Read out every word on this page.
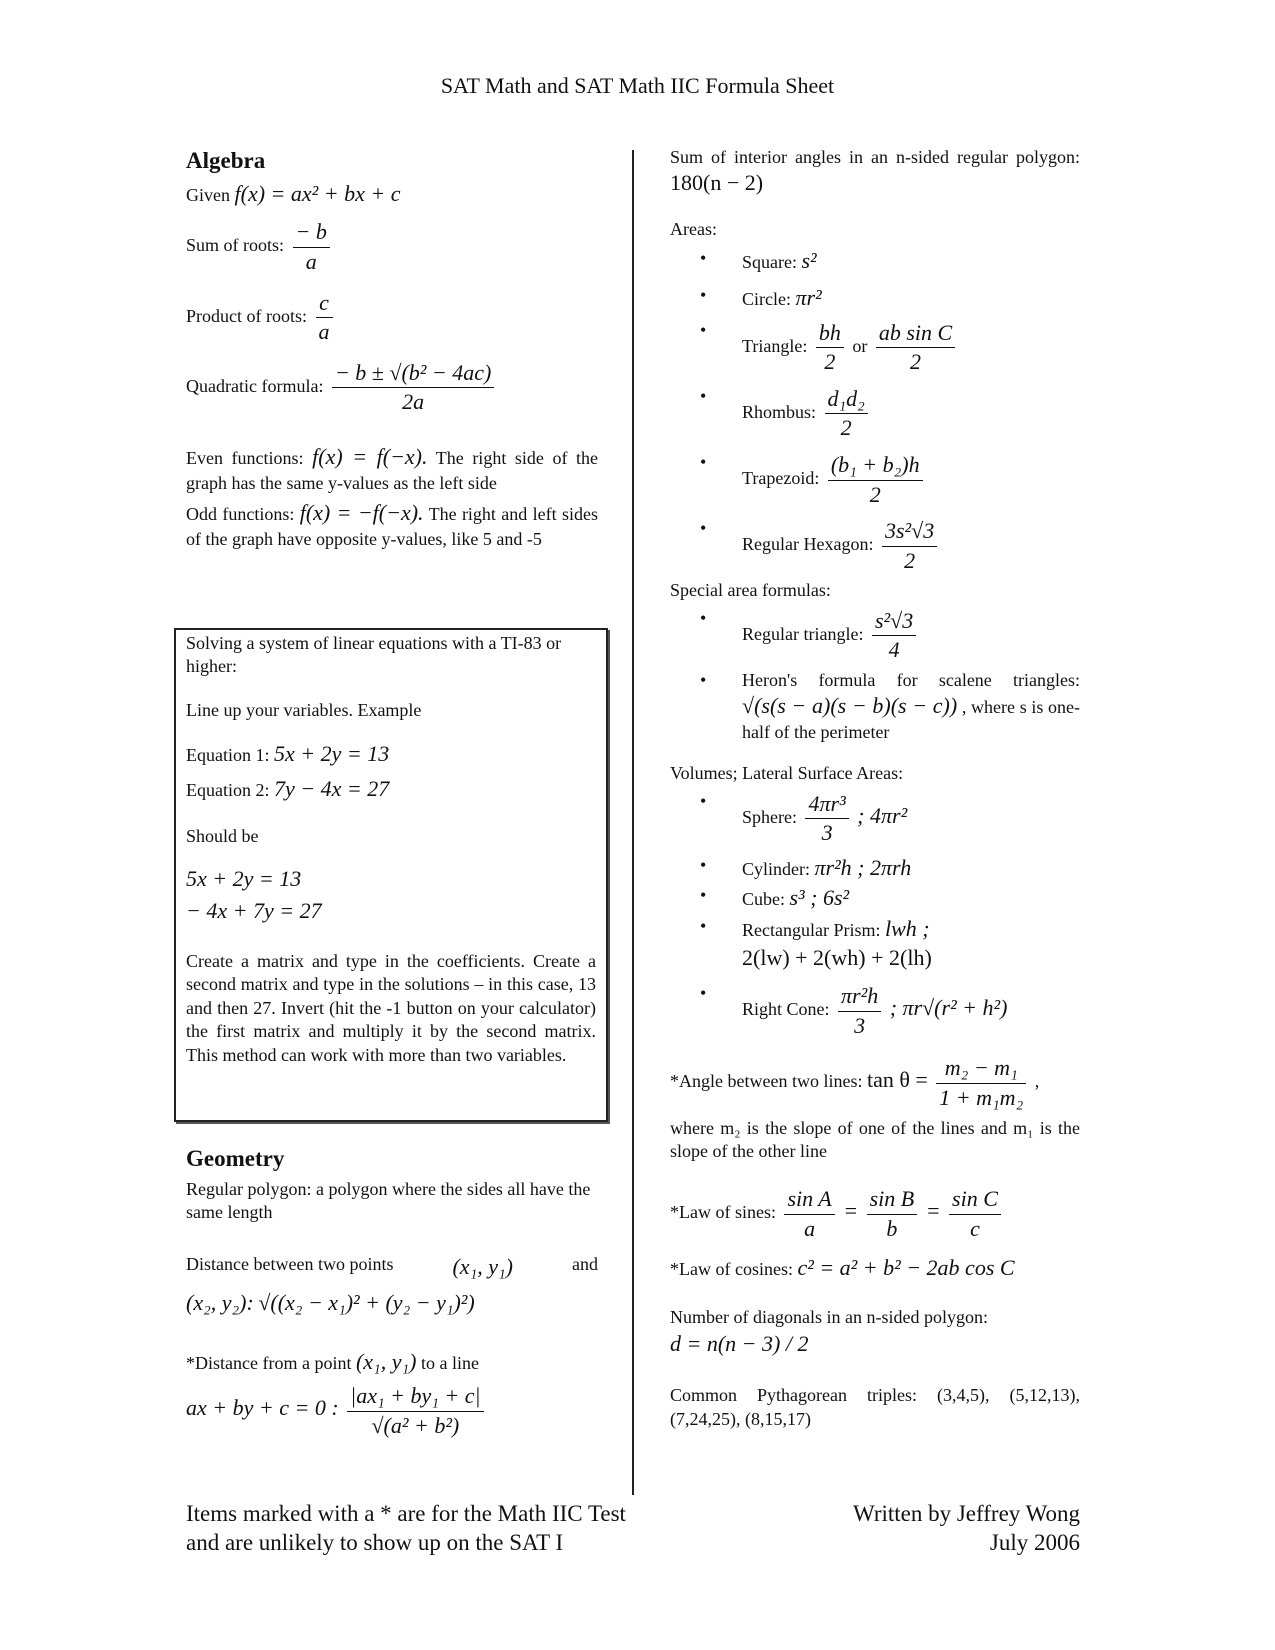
SAT Math and SAT Math IIC Formula Sheet
Algebra

Given f(x) = ax² + bx + c

Sum of roots: $\frac{- b}{a}$

Product of roots: $\frac{c}{a}$

Quadratic formula: $\frac{\text{− b ± √(b² − 4ac)}}{2a}$

Even functions: f(x) = f(−x). The right side of the graph has the same y-values as the left side

Odd functions: f(x) = −f(−x). The right and left sides of the graph have opposite y-values, like 5 and -5

Solving a system of linear equations with a TI-83 or higher:

Line up your variables. Example

Equation 1: 5x + 2y = 13

Equation 2: 7y − 4x = 27

Should be

5x + 2y = 13

− 4x + 7y = 27

Create a matrix and type in the coefficients. Create a second matrix and type in the solutions – in this case, 13 and then 27. Invert (hit the -1 button on your calculator) the first matrix and multiply it by the second matrix. This method can work with more than two variables.

Geometry

Regular polygon: a polygon where the sides all have the same length

Distance between two points	(x₁, y₁)	and

(x₂, y₂): √((x₂ − x₁)² + (y₂ − y₁)²)

*Distance from a point (x₁, y₁) to a line

ax + by + c = 0 : $\frac{\text{|ax₁ + by₁ + c|}}{\text{√(a² + b²)}}$

Sum of interior angles in an n-sided regular polygon: 180(n − 2)

Areas:

• Square: s²
• Circle: πr²
• Triangle: $\frac{bh}{2}$ or $\frac{\text{ab sin C}}{2}$
• Rhombus: $\frac{\text{d₁d₂}}{2}$
• Trapezoid: $\frac{\text{(b₁ + b₂)h}}{2}$
• Regular Hexagon: $\frac{\text{3s²√3}}{2}$

Special area formulas:

• Regular triangle: $\frac{\text{s²√3}}{4}$
• Heron's formula for scalene triangles: √(s(s − a)(s − b)(s − c)) , where s is one-half of the perimeter

Volumes; Lateral Surface Areas:

• Sphere: $\frac{\text{4πr³}}{3}$ ; 4πr²
• Cylinder: πr²h ; 2πrh
• Cube: s³ ; 6s²
• Rectangular Prism: lwh ;
2(lw) + 2(wh) + 2(lh)
• Right Cone: $\frac{\text{πr²h}}{3}$ ; πr√(r² + h²)

*Angle between two lines: $\tan \theta = \frac{\text{m₂ − m₁}}{\text{1 + m₁m₂}}$ ,

where m₂ is the slope of one of the lines and m₁ is the slope of the other line

*Law of sines: $\frac{\text{sin A}}{a} = \frac{\text{sin B}}{b} = \frac{\text{sin C}}{c}$

*Law of cosines: c² = a² + b² − 2ab cos C

Number of diagonals in an n-sided polygon:

d = n(n − 3) / 2

Common Pythagorean triples: (3,4,5), (5,12,13), (7,24,25), (8,15,17)

Items marked with a * are for the Math IIC Test
and are unlikely to show up on the SAT I
Written by Jeffrey Wong
July 2006
